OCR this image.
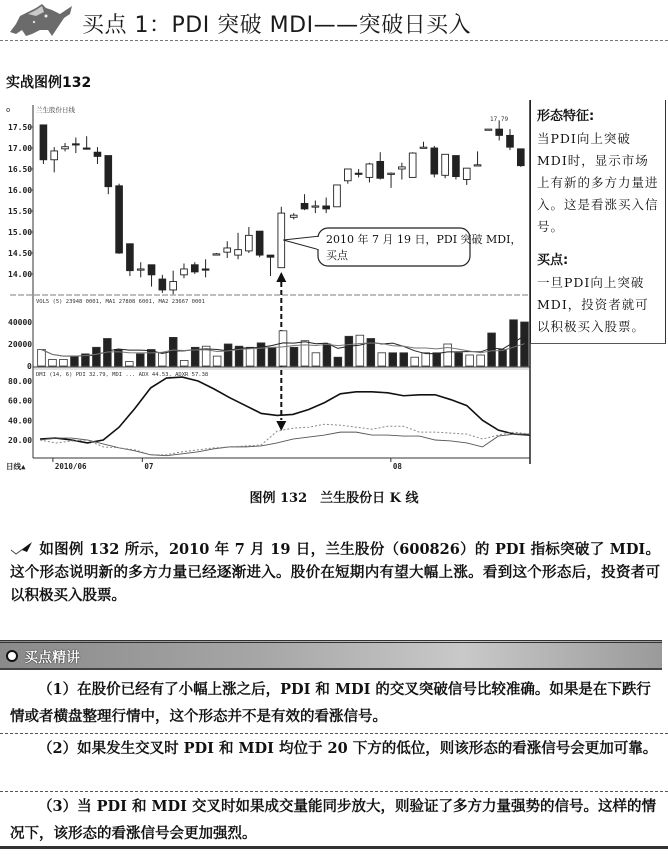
买点 1：PDI 突破 MDI——突破日买入
实战图例132
o	兰生股份日线
17.50
17.00
16.50
16.00
15.50
15.00
14.50
14.00
40000
20000
0
80.00
60.00
40.00
20.00
VOL5 (5) 23948 0001, MA1 27808 6001, MA2 23667 0001
DMI (14, 6) PDI 32.79, MDI ... ADX 44.53, ADXR 57.38
2010 年 7 月 19 日，PDI 突破 MDI，
买点
17.79
日线▲	2010/06	07	08
形态特征:
当PDI向上突破MDI时，显示市场上有新的多方力量进入。这是看涨买入信号。
买点:
一旦PDI向上突破MDI，投资者就可以积极买入股票。
图例 132　兰生股份日 K 线
如图例 132 所示，2010 年 7 月 19 日，兰生股份（600826）的 PDI 指标突破了 MDI。这个形态说明新的多方力量已经逐渐进入。股价在短期内有望大幅上涨。看到这个形态后，投资者可以积极买入股票。
买点精讲
（1）在股价已经有了小幅上涨之后，PDI 和 MDI 的交叉突破信号比较准确。如果是在下跌行情或者横盘整理行情中，这个形态并不是有效的看涨信号。
（2）如果发生交叉时 PDI 和 MDI 均位于 20 下方的低位，则该形态的看涨信号会更加可靠。
（3）当 PDI 和 MDI 交叉时如果成交量能同步放大，则验证了多方力量强势的信号。这样的情况下，该形态的看涨信号会更加强烈。
